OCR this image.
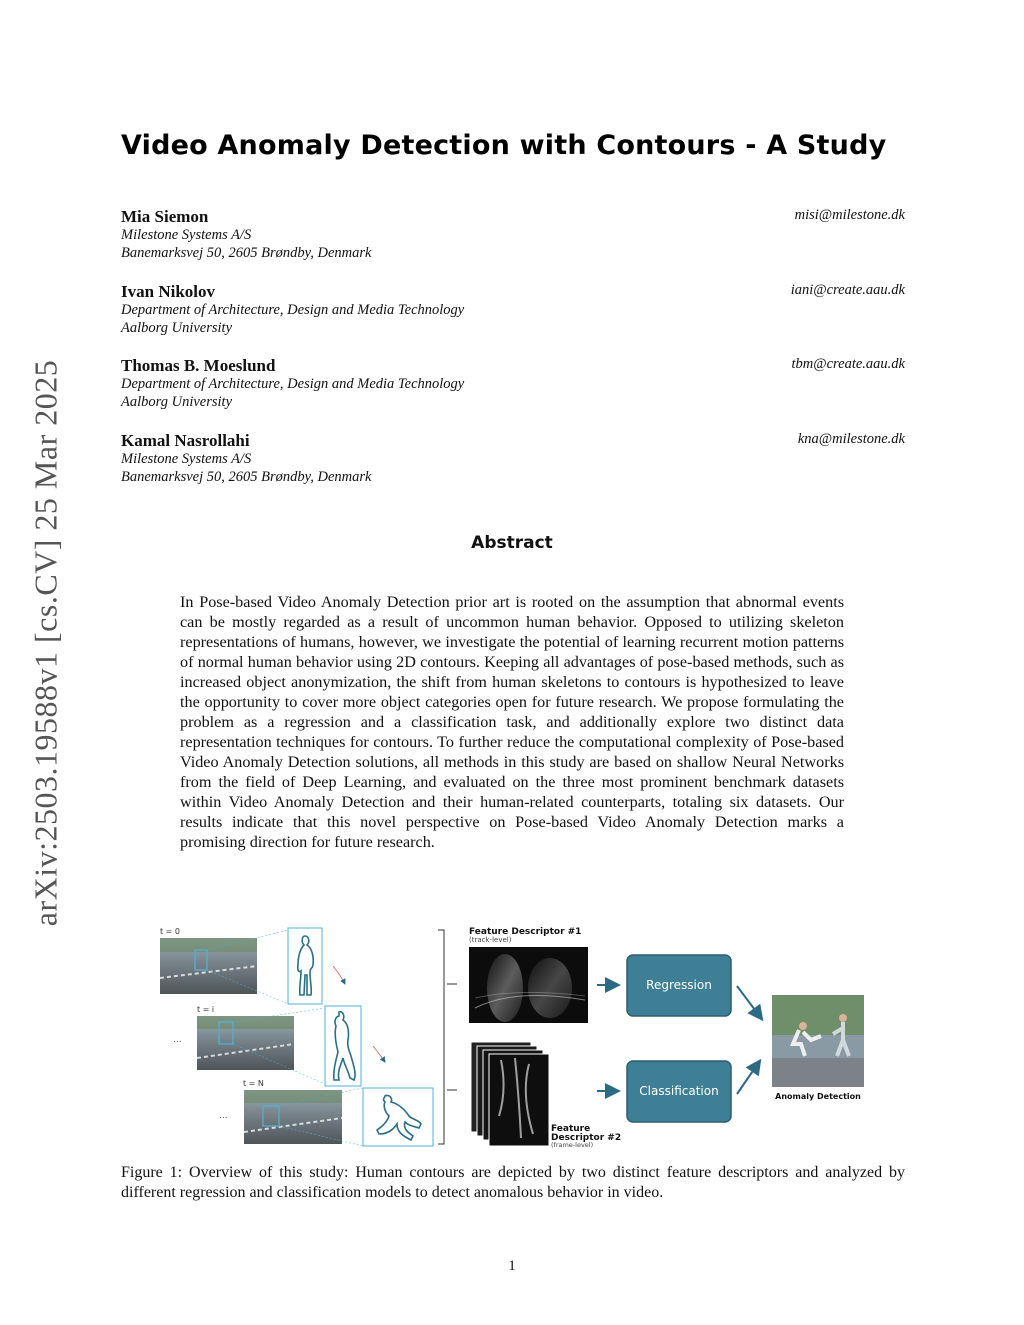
arXiv:2503.19588v1 [cs.CV] 25 Mar 2025
Video Anomaly Detection with Contours - A Study
Mia Siemon
Milestone Systems A/S
Banemarksvej 50, 2605 Brøndby, Denmark
misi@milestone.dk
Ivan Nikolov
Department of Architecture, Design and Media Technology
Aalborg University
iani@create.aau.dk
Thomas B. Moeslund
Department of Architecture, Design and Media Technology
Aalborg University
tbm@create.aau.dk
Kamal Nasrollahi
Milestone Systems A/S
Banemarksvej 50, 2605 Brøndby, Denmark
kna@milestone.dk
Abstract
In Pose-based Video Anomaly Detection prior art is rooted on the assumption that abnormal events can be mostly regarded as a result of uncommon human behavior. Opposed to utilizing skeleton representations of humans, however, we investigate the potential of learning recurrent motion patterns of normal human behavior using 2D contours. Keeping all advantages of pose-based methods, such as increased object anonymization, the shift from human skeletons to contours is hypothesized to leave the opportunity to cover more object categories open for future research. We propose formulating the problem as a regression and a classification task, and additionally explore two distinct data representation techniques for contours. To further reduce the computational complexity of Pose-based Video Anomaly Detection solutions, all methods in this study are based on shallow Neural Networks from the field of Deep Learning, and evaluated on the three most prominent benchmark datasets within Video Anomaly Detection and their human-related counterparts, totaling six datasets. Our results indicate that this novel perspective on Pose-based Video Anomaly Detection marks a promising direction for future research.
t = 0
t = i
...
t = N
...
Feature Descriptor #1
(track-level)
Feature
Descriptor #2
(frame-level)
Regression
Classification	Anomaly Detection
Figure 1: Overview of this study: Human contours are depicted by two distinct feature descriptors and analyzed by different regression and classification models to detect anomalous behavior in video.
1
